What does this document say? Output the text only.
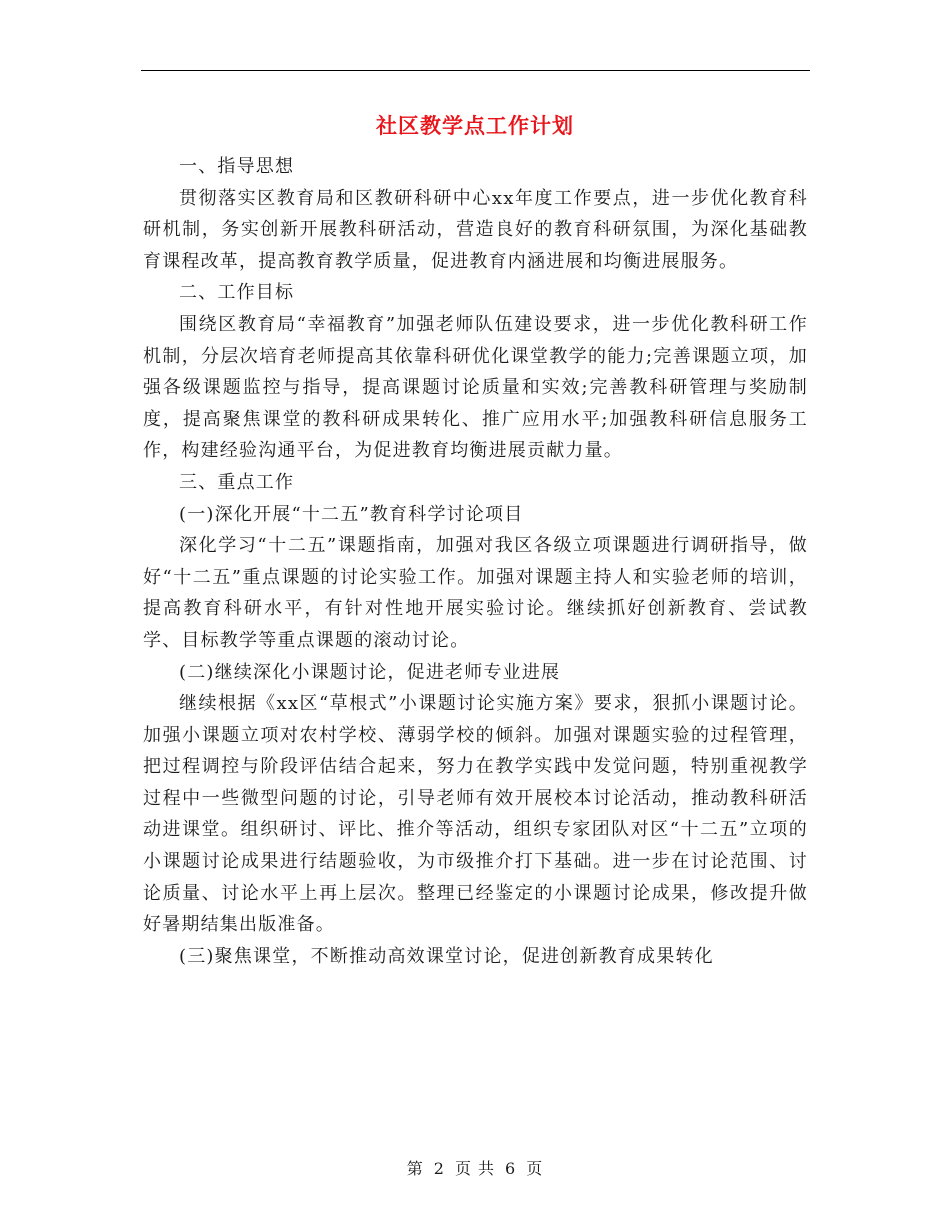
社区教学点工作计划

一、指导思想

贯彻落实区教育局和区教研科研中心xx年度工作要点，进一步优化教育科研机制，务实创新开展教科研活动，营造良好的教育科研氛围，为深化基础教育课程改革，提高教育教学质量，促进教育内涵进展和均衡进展服务。

二、工作目标

围绕区教育局“幸福教育”加强老师队伍建设要求，进一步优化教科研工作机制，分层次培育老师提高其依靠科研优化课堂教学的能力;完善课题立项，加强各级课题监控与指导，提高课题讨论质量和实效;完善教科研管理与奖励制度，提高聚焦课堂的教科研成果转化、推广应用水平;加强教科研信息服务工作，构建经验沟通平台，为促进教育均衡进展贡献力量。

三、重点工作

(一)深化开展“十二五”教育科学讨论项目

深化学习“十二五”课题指南，加强对我区各级立项课题进行调研指导，做好“十二五”重点课题的讨论实验工作。加强对课题主持人和实验老师的培训，提高教育科研水平，有针对性地开展实验讨论。继续抓好创新教育、尝试教学、目标教学等重点课题的滚动讨论。

(二)继续深化小课题讨论，促进老师专业进展

继续根据《xx区“草根式”小课题讨论实施方案》要求，狠抓小课题讨论。加强小课题立项对农村学校、薄弱学校的倾斜。加强对课题实验的过程管理，把过程调控与阶段评估结合起来，努力在教学实践中发觉问题，特别重视教学过程中一些微型问题的讨论，引导老师有效开展校本讨论活动，推动教科研活动进课堂。组织研讨、评比、推介等活动，组织专家团队对区“十二五”立项的小课题讨论成果进行结题验收，为市级推介打下基础。进一步在讨论范围、讨论质量、讨论水平上再上层次。整理已经鉴定的小课题讨论成果，修改提升做好暑期结集出版准备。

(三)聚焦课堂，不断推动高效课堂讨论，促进创新教育成果转化

第 2 页 共 6 页
